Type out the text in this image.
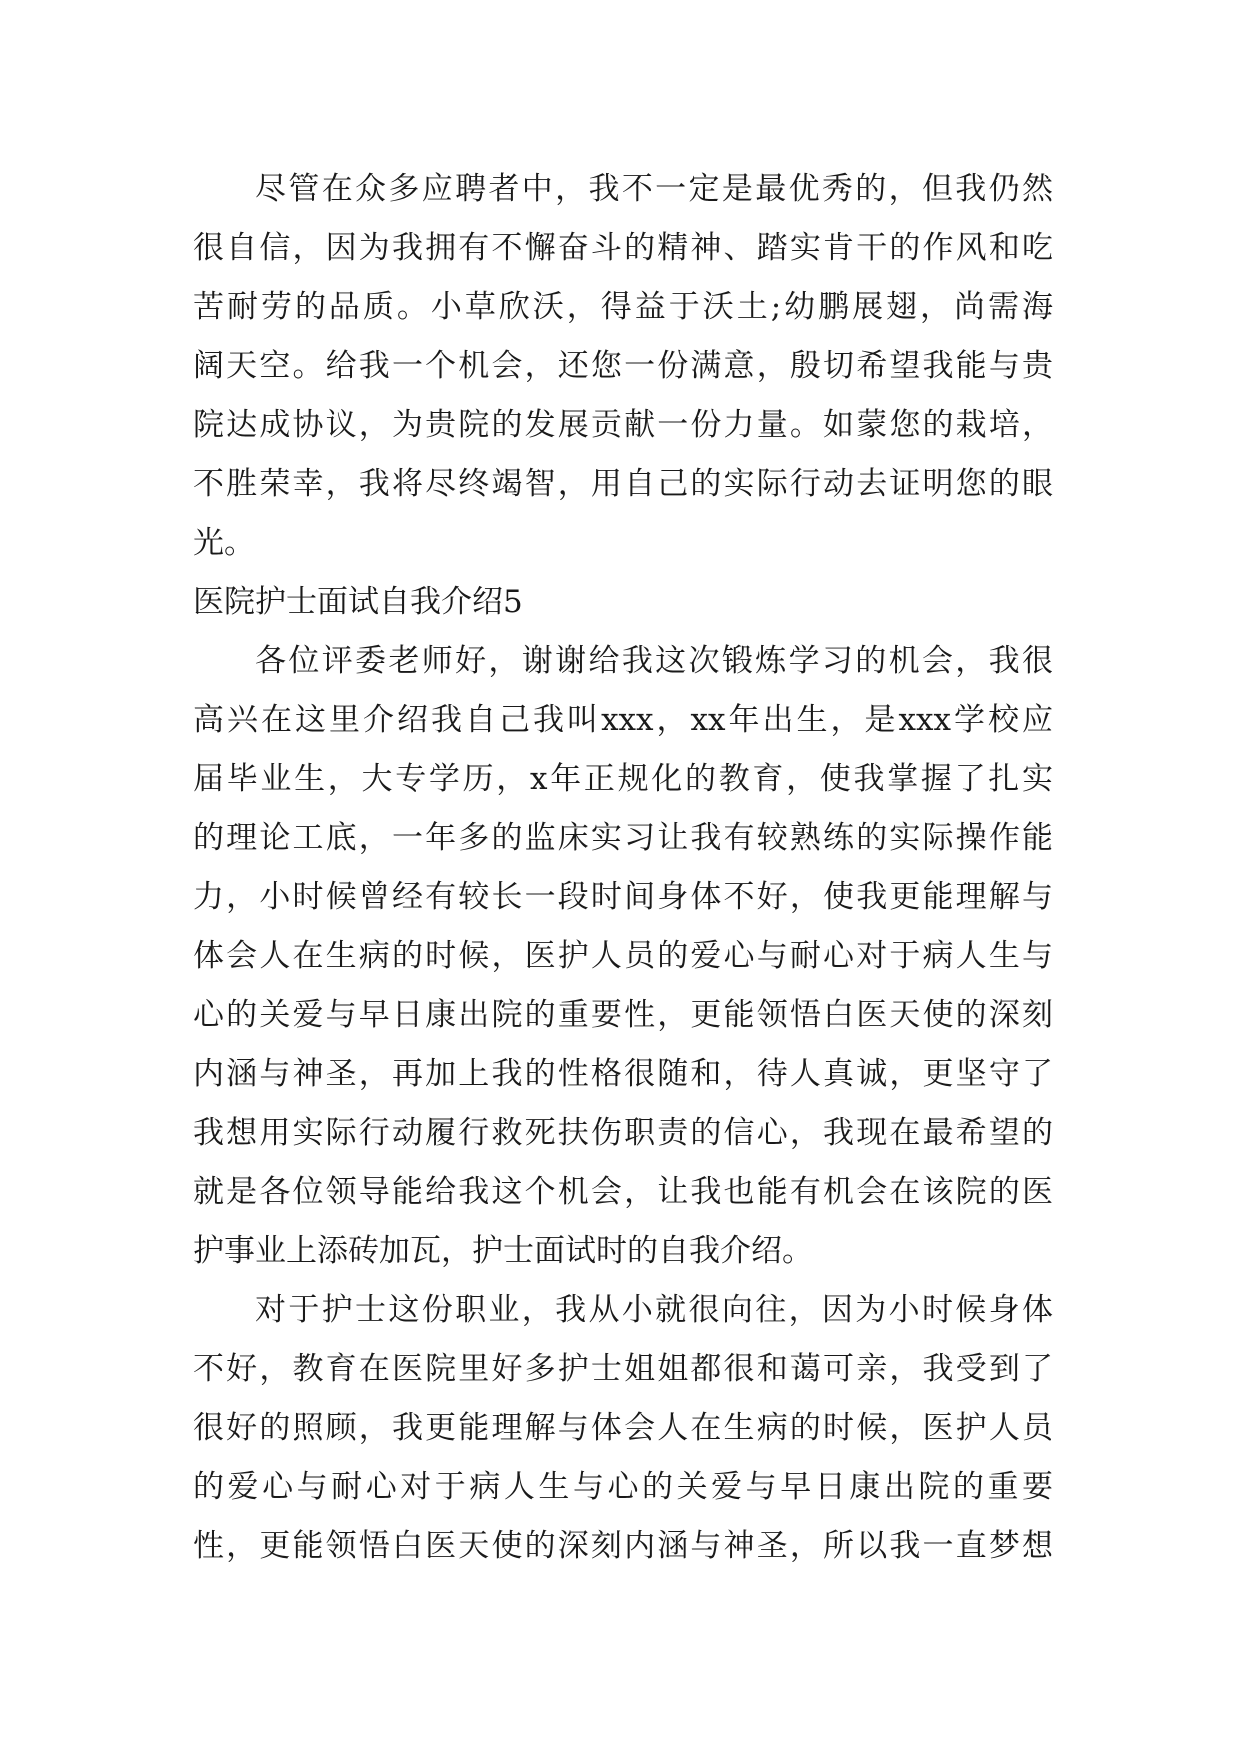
尽管在众多应聘者中，我不一定是最优秀的，但我仍然
很自信，因为我拥有不懈奋斗的精神、踏实肯干的作风和吃
苦耐劳的品质。小草欣沃，得益于沃土;幼鹏展翅，尚需海
阔天空。给我一个机会，还您一份满意，殷切希望我能与贵
院达成协议，为贵院的发展贡献一份力量。如蒙您的栽培，
不胜荣幸，我将尽终竭智，用自己的实际行动去证明您的眼
光。
医院护士面试自我介绍5
各位评委老师好，谢谢给我这次锻炼学习的机会，我很
高兴在这里介绍我自己我叫xxx，xx年出生，是xxx学校应
届毕业生，大专学历，x年正规化的教育，使我掌握了扎实
的理论工底，一年多的监床实习让我有较熟练的实际操作能
力，小时候曾经有较长一段时间身体不好，使我更能理解与
体会人在生病的时候，医护人员的爱心与耐心对于病人生与
心的关爱与早日康出院的重要性，更能领悟白医天使的深刻
内涵与神圣，再加上我的性格很随和，待人真诚，更坚守了
我想用实际行动履行救死扶伤职责的信心，我现在最希望的
就是各位领导能给我这个机会，让我也能有机会在该院的医
护事业上添砖加瓦，护士面试时的自我介绍。
对于护士这份职业，我从小就很向往，因为小时候身体
不好，教育在医院里好多护士姐姐都很和蔼可亲，我受到了
很好的照顾，我更能理解与体会人在生病的时候，医护人员
的爱心与耐心对于病人生与心的关爱与早日康出院的重要
性，更能领悟白医天使的深刻内涵与神圣，所以我一直梦想
